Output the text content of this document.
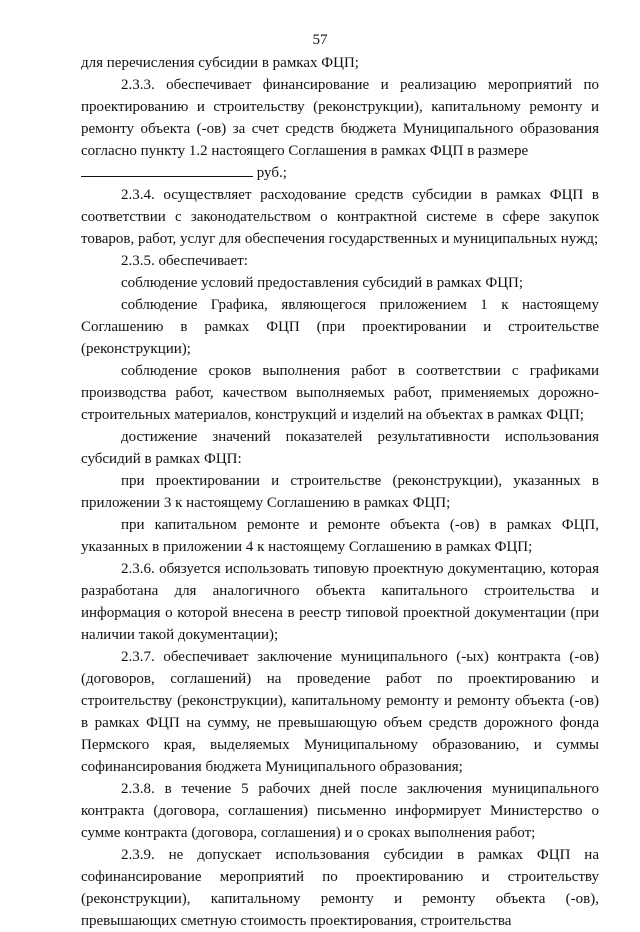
57

для перечисления субсидии в рамках ФЦП;

2.3.3. обеспечивает финансирование и реализацию мероприятий по проектированию и строительству (реконструкции), капитальному ремонту и ремонту объекта (-ов) за счет средств бюджета Муниципального образования согласно пункту 1.2 настоящего Соглашения в рамках ФЦП в размере

руб.;

2.3.4. осуществляет расходование средств субсидии в рамках ФЦП в соответствии с законодательством о контрактной системе в сфере закупок товаров, работ, услуг для обеспечения государственных и муниципальных нужд;

2.3.5. обеспечивает:

соблюдение условий предоставления субсидий в рамках ФЦП;

соблюдение Графика, являющегося приложением 1 к настоящему Соглашению в рамках ФЦП (при проектировании и строительстве (реконструкции);

соблюдение сроков выполнения работ в соответствии с графиками производства работ, качеством выполняемых работ, применяемых дорожно-строительных материалов, конструкций и изделий на объектах в рамках ФЦП;

достижение значений показателей результативности использования субсидий в рамках ФЦП:

при проектировании и строительстве (реконструкции), указанных в приложении 3 к настоящему Соглашению в рамках ФЦП;

при капитальном ремонте и ремонте объекта (-ов) в рамках ФЦП, указанных в приложении 4 к настоящему Соглашению в рамках ФЦП;

2.3.6. обязуется использовать типовую проектную документацию, которая разработана для аналогичного объекта капитального строительства и информация о которой внесена в реестр типовой проектной документации (при наличии такой документации);

2.3.7. обеспечивает заключение муниципального (-ых) контракта (-ов) (договоров, соглашений) на проведение работ по проектированию и строительству (реконструкции), капитальному ремонту и ремонту объекта (-ов) в рамках ФЦП на сумму, не превышающую объем средств дорожного фонда Пермского края, выделяемых Муниципальному образованию, и суммы софинансирования бюджета Муниципального образования;

2.3.8. в течение 5 рабочих дней после заключения муниципального контракта (договора, соглашения) письменно информирует Министерство о сумме контракта (договора, соглашения) и о сроках выполнения работ;

2.3.9. не допускает использования субсидии в рамках ФЦП на софинансирование мероприятий по проектированию и строительству (реконструкции), капитальному ремонту и ремонту объекта (-ов), превышающих сметную стоимость проектирования, строительства
